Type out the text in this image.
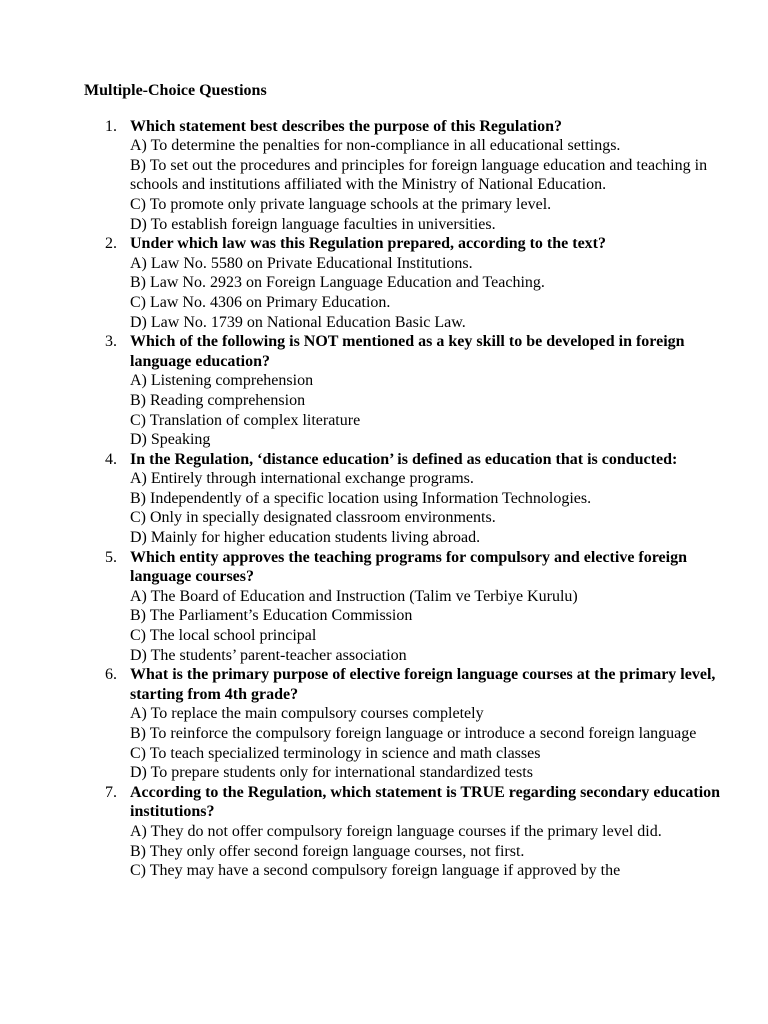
Multiple-Choice Questions
1. Which statement best describes the purpose of this Regulation?
A) To determine the penalties for non-compliance in all educational settings.
B) To set out the procedures and principles for foreign language education and teaching in schools and institutions affiliated with the Ministry of National Education.
C) To promote only private language schools at the primary level.
D) To establish foreign language faculties in universities.
2. Under which law was this Regulation prepared, according to the text?
A) Law No. 5580 on Private Educational Institutions.
B) Law No. 2923 on Foreign Language Education and Teaching.
C) Law No. 4306 on Primary Education.
D) Law No. 1739 on National Education Basic Law.
3. Which of the following is NOT mentioned as a key skill to be developed in foreign language education?
A) Listening comprehension
B) Reading comprehension
C) Translation of complex literature
D) Speaking
4. In the Regulation, ‘distance education’ is defined as education that is conducted:
A) Entirely through international exchange programs.
B) Independently of a specific location using Information Technologies.
C) Only in specially designated classroom environments.
D) Mainly for higher education students living abroad.
5. Which entity approves the teaching programs for compulsory and elective foreign language courses?
A) The Board of Education and Instruction (Talim ve Terbiye Kurulu)
B) The Parliament’s Education Commission
C) The local school principal
D) The students’ parent-teacher association
6. What is the primary purpose of elective foreign language courses at the primary level, starting from 4th grade?
A) To replace the main compulsory courses completely
B) To reinforce the compulsory foreign language or introduce a second foreign language
C) To teach specialized terminology in science and math classes
D) To prepare students only for international standardized tests
7. According to the Regulation, which statement is TRUE regarding secondary education institutions?
A) They do not offer compulsory foreign language courses if the primary level did.
B) They only offer second foreign language courses, not first.
C) They may have a second compulsory foreign language if approved by the
